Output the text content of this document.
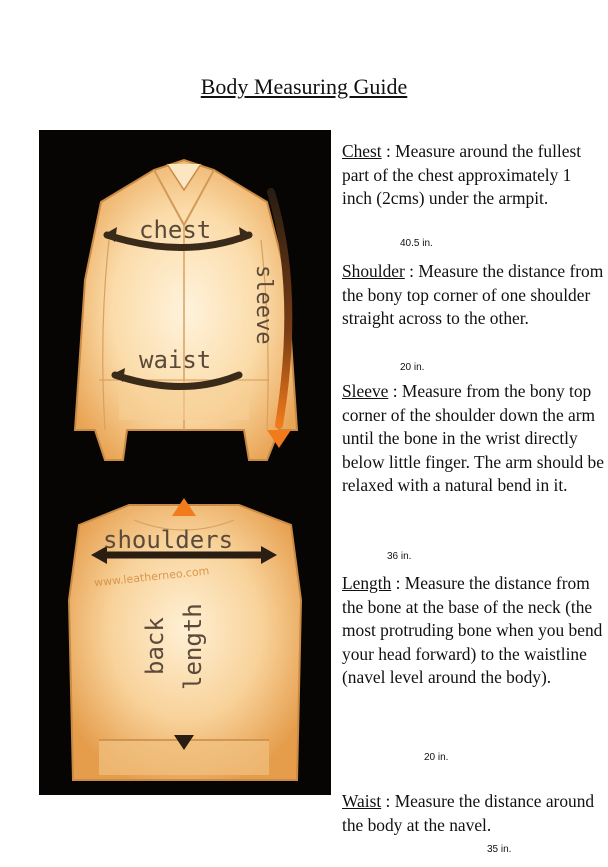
Body Measuring Guide
chest
waist
sleeve
www.leatherneo.com
shoulders
back length

Chest : Measure around the fullest part of the chest approximately 1 inch (2cms) under the armpit.

40.5 in.

Shoulder : Measure the distance from the bony top corner of one shoulder straight across to the other.

20 in.

Sleeve : Measure from the bony top corner of the shoulder down the arm until the bone in the wrist directly below little finger. The arm should be relaxed with a natural bend in it.

36 in.

Length : Measure the distance from the bone at the base of the neck (the most protruding bone when you bend your head forward) to the waistline (navel level around the body).

20 in.

Waist : Measure the distance around the body at the navel.

35 in.
